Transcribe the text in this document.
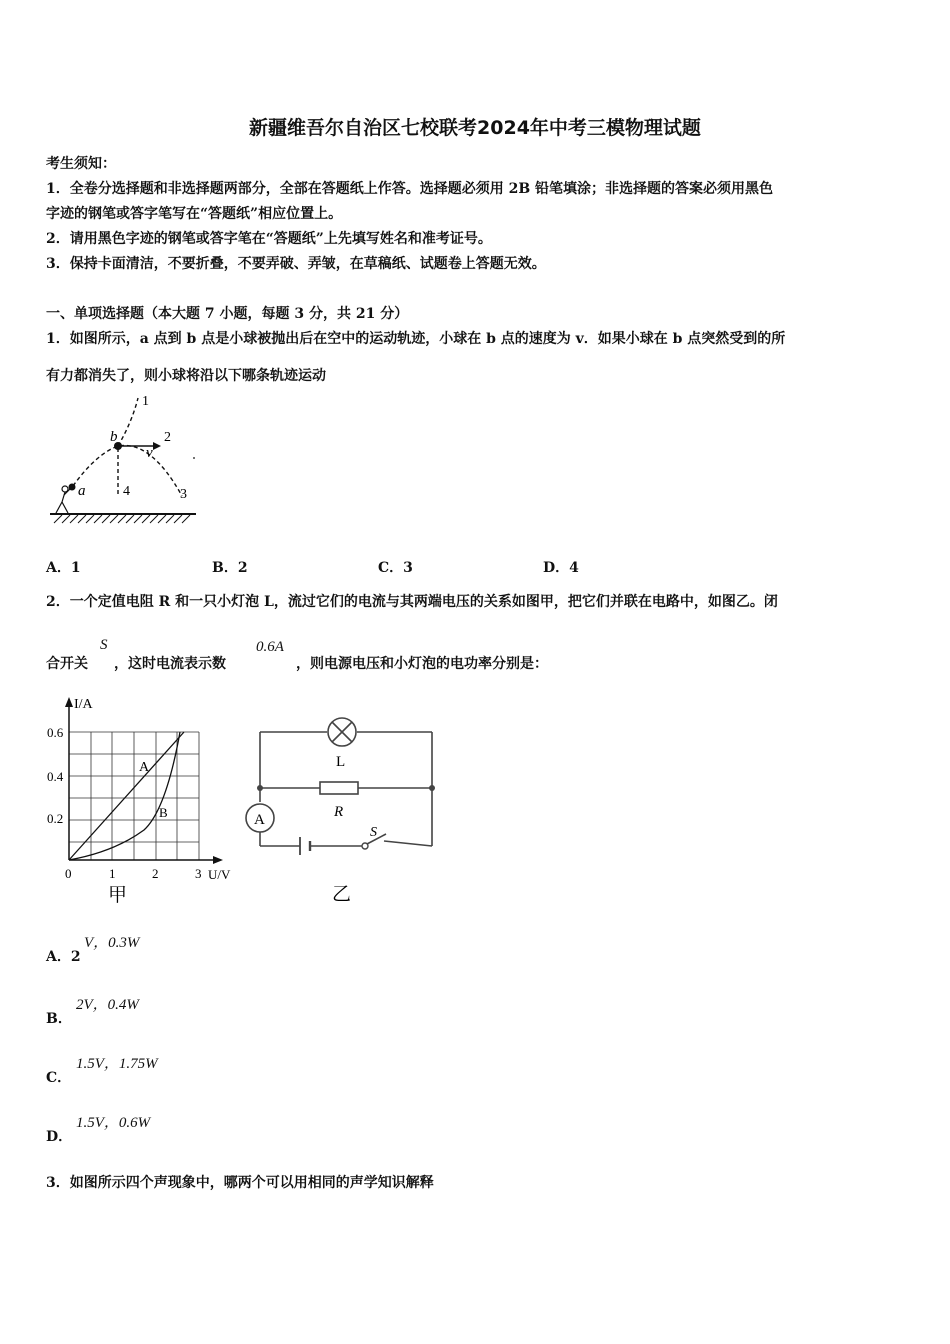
新疆维吾尔自治区七校联考2024年中考三模物理试题
考生须知：
1．全卷分选择题和非选择题两部分，全部在答题纸上作答。选择题必须用 2B 铅笔填涂；非选择题的答案必须用黑色
字迹的钢笔或答字笔写在“答题纸”相应位置上。
2．请用黑色字迹的钢笔或答字笔在“答题纸”上先填写姓名和准考证号。
3．保持卡面清洁，不要折叠，不要弄破、弄皱，在草稿纸、试题卷上答题无效。
一、单项选择题（本大题 7 小题，每题 3 分，共 21 分）
1．如图所示，a 点到 b 点是小球被抛出后在空中的运动轨迹，小球在 b 点的速度为 v．如果小球在 b 点突然受到的所
有力都消失了，则小球将沿以下哪条轨迹运动
1
2
3
4
b
v
a
A．1	B．2	C．3	D．4
2．一个定值电阻 R 和一只小灯泡 L，流过它们的电流与其两端电压的关系如图甲，把它们并联在电路中，如图乙。闭
合开关
S
，这时电流表示数
0.6A
，则电源电压和小灯泡的电功率分别是：
I/A
0.6
0.4
0.2
0	1	2	3 U/V
A
B
甲
L
R
A
S
乙
A．2
V，0.3W
B．
2V，0.4W
C．
1.5V，1.75W
D．
1.5V，0.6W
3．如图所示四个声现象中，哪两个可以用相同的声学知识解释
